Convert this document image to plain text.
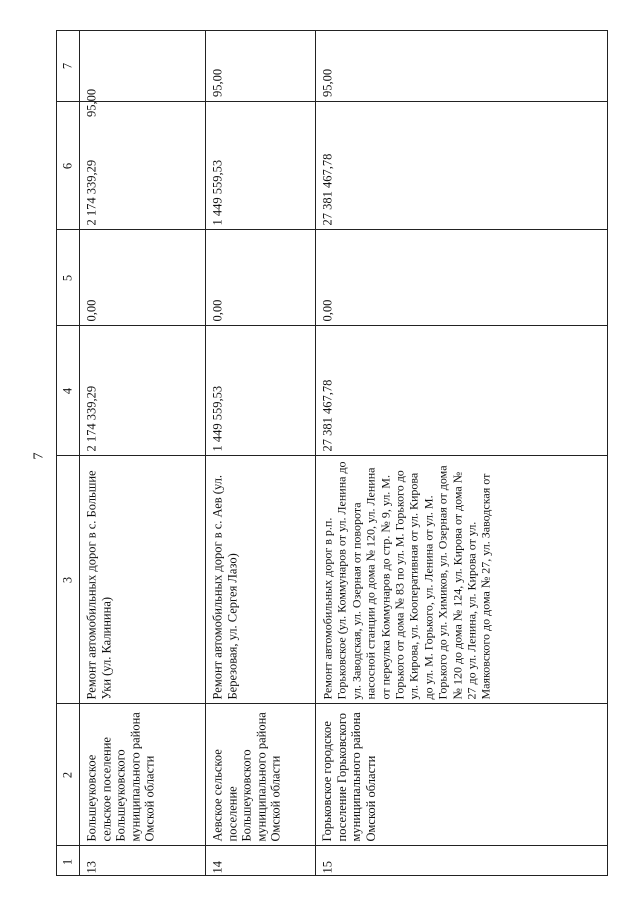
7
7
6
5
4
3
2
1
95,00
2 174 339,29
0,00
2 174 339,29
Ремонт автомобильных дорог в с. Большие Уки (ул. Калинина)
Большеуковское сельское поселение Большеуковского муниципального района Омской области
13
95,00
1 449 559,53
0,00
1 449 559,53
Ремонт автомобильных дорог в с. Аев (ул. Березовая, ул. Сергея Лазо)
Аевское сельское поселение Большеуковского муниципального района Омской области
14
95,00
27 381 467,78
0,00
27 381 467,78
Ремонт автомобильных дорог в р.п. Горьковское (ул. Коммунаров от ул. Ленина до ул. Заводская, ул. Озерная от поворота насосной станции до дома № 120, ул. Ленина от переулка Коммунаров до стр. № 9, ул. М. Горького от дома № 83 по ул. М. Горького до ул. Кирова, ул. Кооперативная от ул. Кирова до ул. М. Горького, ул. Ленина от ул. М. Горького до ул. Химиков, ул. Озерная от дома № 120 до дома № 124, ул. Кирова от дома № 27 до ул. Ленина, ул. Кирова от ул. Маяковского до дома № 27, ул. Заводская от
Горьковское городское поселение Горьковского муниципального района Омской области
15
